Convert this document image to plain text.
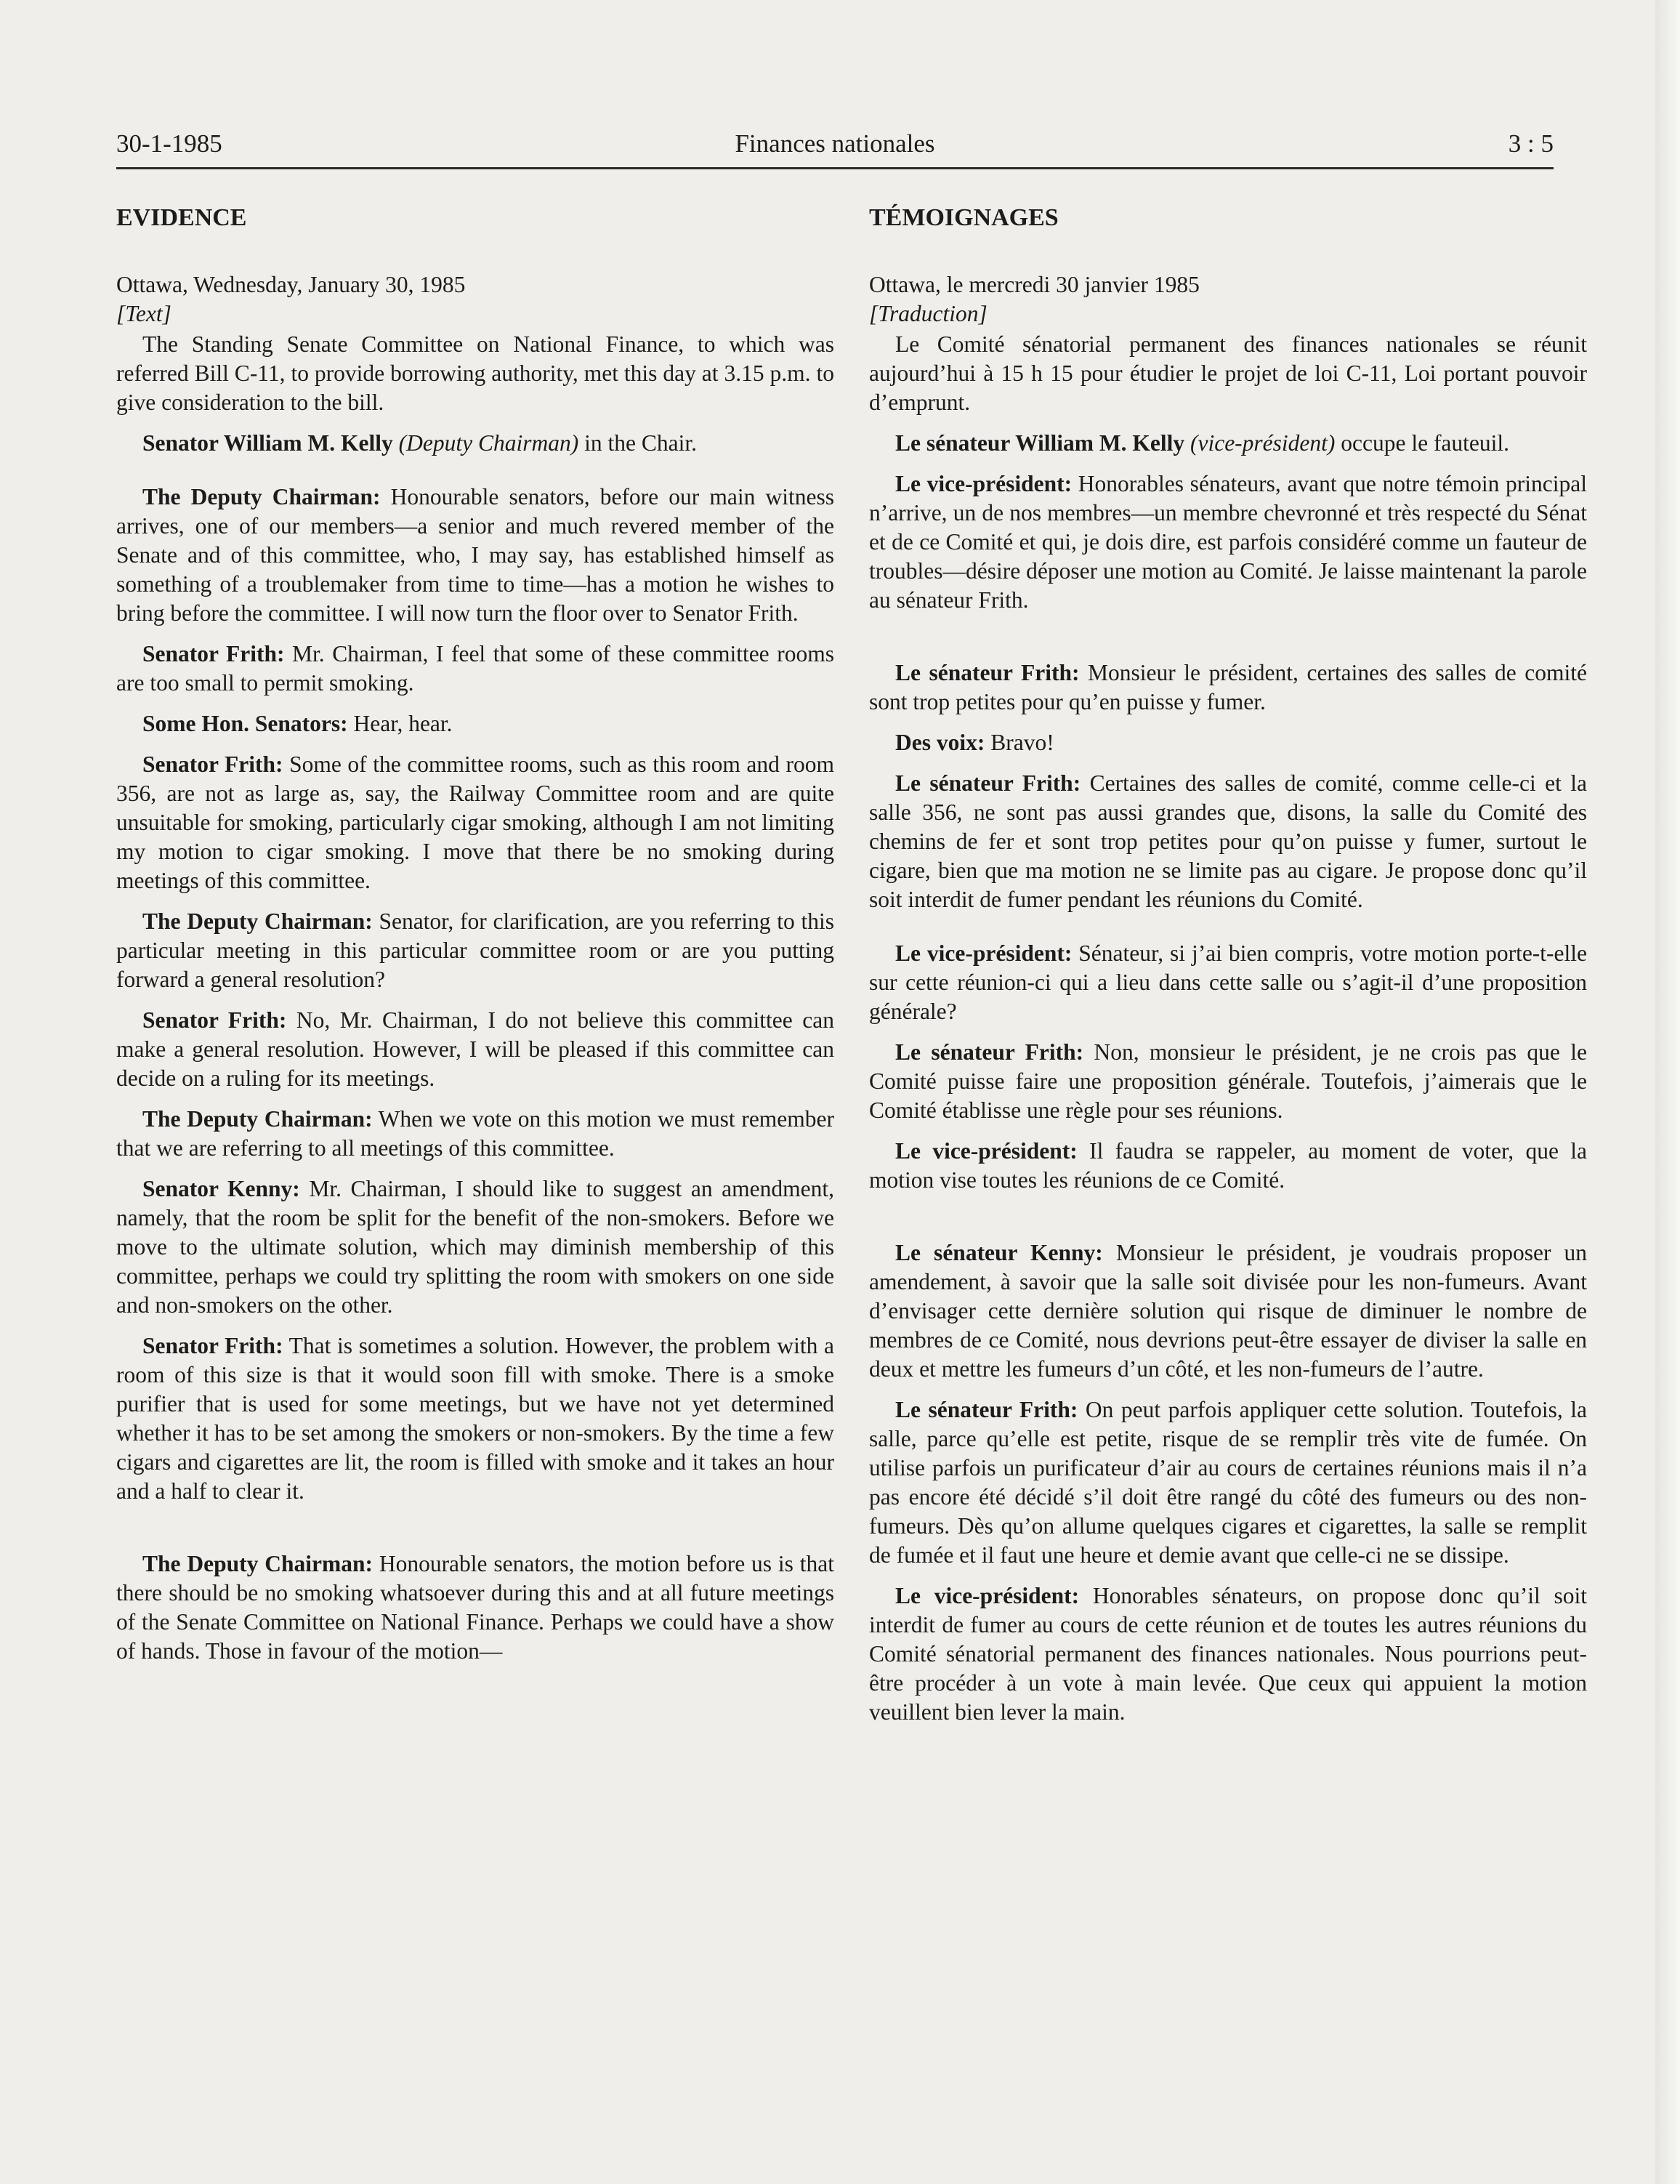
30-1-1985	Finances nationales	3 : 5

EVIDENCE

Ottawa, Wednesday, January 30, 1985

[Text]

The Standing Senate Committee on National Finance, to which was referred Bill C-11, to provide borrowing authority, met this day at 3.15 p.m. to give consideration to the bill.

Senator William M. Kelly (Deputy Chairman) in the Chair.

The Deputy Chairman: Honourable senators, before our main witness arrives, one of our members—a senior and much revered member of the Senate and of this committee, who, I may say, has established himself as something of a troublemaker from time to time—has a motion he wishes to bring before the committee. I will now turn the floor over to Senator Frith.

Senator Frith: Mr. Chairman, I feel that some of these committee rooms are too small to permit smoking.

Some Hon. Senators: Hear, hear.

Senator Frith: Some of the committee rooms, such as this room and room 356, are not as large as, say, the Railway Committee room and are quite unsuitable for smoking, particularly cigar smoking, although I am not limiting my motion to cigar smoking. I move that there be no smoking during meetings of this committee.

The Deputy Chairman: Senator, for clarification, are you referring to this particular meeting in this particular committee room or are you putting forward a general resolution?

Senator Frith: No, Mr. Chairman, I do not believe this committee can make a general resolution. However, I will be pleased if this committee can decide on a ruling for its meetings.

The Deputy Chairman: When we vote on this motion we must remember that we are referring to all meetings of this committee.

Senator Kenny: Mr. Chairman, I should like to suggest an amendment, namely, that the room be split for the benefit of the non-smokers. Before we move to the ultimate solution, which may diminish membership of this committee, perhaps we could try splitting the room with smokers on one side and non-smokers on the other.

Senator Frith: That is sometimes a solution. However, the problem with a room of this size is that it would soon fill with smoke. There is a smoke purifier that is used for some meetings, but we have not yet determined whether it has to be set among the smokers or non-smokers. By the time a few cigars and cigarettes are lit, the room is filled with smoke and it takes an hour and a half to clear it.

The Deputy Chairman: Honourable senators, the motion before us is that there should be no smoking whatsoever during this and at all future meetings of the Senate Committee on National Finance. Perhaps we could have a show of hands. Those in favour of the motion—

TÉMOIGNAGES

Ottawa, le mercredi 30 janvier 1985

[Traduction]

Le Comité sénatorial permanent des finances nationales se réunit aujourd’hui à 15 h 15 pour étudier le projet de loi C-11, Loi portant pouvoir d’emprunt.

Le sénateur William M. Kelly (vice-président) occupe le fauteuil.

Le vice-président: Honorables sénateurs, avant que notre témoin principal n’arrive, un de nos membres—un membre chevronné et très respecté du Sénat et de ce Comité et qui, je dois dire, est parfois considéré comme un fauteur de troubles—désire déposer une motion au Comité. Je laisse maintenant la parole au sénateur Frith.

Le sénateur Frith: Monsieur le président, certaines des salles de comité sont trop petites pour qu’en puisse y fumer.

Des voix: Bravo!

Le sénateur Frith: Certaines des salles de comité, comme celle-ci et la salle 356, ne sont pas aussi grandes que, disons, la salle du Comité des chemins de fer et sont trop petites pour qu’on puisse y fumer, surtout le cigare, bien que ma motion ne se limite pas au cigare. Je propose donc qu’il soit interdit de fumer pendant les réunions du Comité.

Le vice-président: Sénateur, si j’ai bien compris, votre motion porte-t-elle sur cette réunion-ci qui a lieu dans cette salle ou s’agit-il d’une proposition générale?

Le sénateur Frith: Non, monsieur le président, je ne crois pas que le Comité puisse faire une proposition générale. Toutefois, j’aimerais que le Comité établisse une règle pour ses réunions.

Le vice-président: Il faudra se rappeler, au moment de voter, que la motion vise toutes les réunions de ce Comité.

Le sénateur Kenny: Monsieur le président, je voudrais proposer un amendement, à savoir que la salle soit divisée pour les non-fumeurs. Avant d’envisager cette dernière solution qui risque de diminuer le nombre de membres de ce Comité, nous devrions peut-être essayer de diviser la salle en deux et mettre les fumeurs d’un côté, et les non-fumeurs de l’autre.

Le sénateur Frith: On peut parfois appliquer cette solution. Toutefois, la salle, parce qu’elle est petite, risque de se remplir très vite de fumée. On utilise parfois un purificateur d’air au cours de certaines réunions mais il n’a pas encore été décidé s’il doit être rangé du côté des fumeurs ou des non-fumeurs. Dès qu’on allume quelques cigares et cigarettes, la salle se remplit de fumée et il faut une heure et demie avant que celle-ci ne se dissipe.

Le vice-président: Honorables sénateurs, on propose donc qu’il soit interdit de fumer au cours de cette réunion et de toutes les autres réunions du Comité sénatorial permanent des finances nationales. Nous pourrions peut-être procéder à un vote à main levée. Que ceux qui appuient la motion veuillent bien lever la main.
